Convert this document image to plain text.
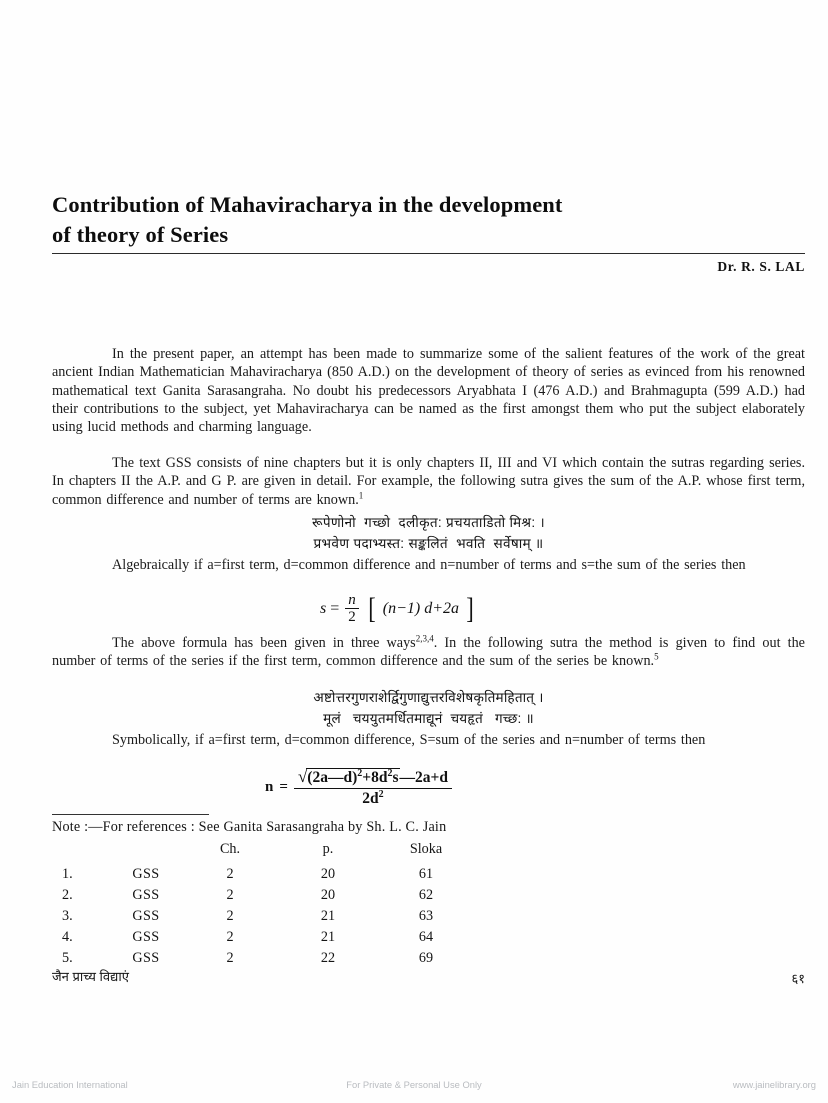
Contribution of Mahaviracharya in the development
of theory of Series
Dr. R. S. LAL
In the present paper, an attempt has been made to summarize some of the salient features of the work of the great ancient Indian Mathematician Mahaviracharya (850 A.D.) on the development of theory of series as evinced from his renowned mathematical text Ganita Sarasangraha. No doubt his predecessors Aryabhata I (476 A.D.) and Brahmagupta (599 A.D.) had their contributions to the subject, yet Mahaviracharya can be named as the first amongst them who put the subject elaborately using lucid methods and charming language.
The text GSS consists of nine chapters but it is only chapters II, III and VI which contain the sutras regarding series. In chapters II the A.P. and G P. are given in detail. For example, the following sutra gives the sum of the A.P. whose first term, common difference and number of terms are known.$^1$
रूपेणोनो  गच्छो  दलीकृत: प्रचयताडितो मिश्र: ।
प्रभवेण पदाभ्यस्त: सङ्कलितं  भवति  सर्वेषाम् ॥
Algebraically if a=first term, d=common difference and n=number of terms and s=the sum of the series then
$s = \frac{n}{2}$ [ (n−1) d+2a ]
The above formula has been given in three ways$^{2,3,4}$. In the following sutra the method is given to find out the number of terms of the series if the first term, common difference and the sum of the series be known.$^5$
अष्टोत्तरगुणराशेर्द्विगुणाद्युत्तरविशेषकृतिमहितात् ।
मूलं   चययुतमर्धितमाद्यूनं  चयहृतं   गच्छ: ॥
Symbolically, if a=first term, d=common difference, S=sum of the series and n=number of terms then
$n = \frac{√(2a—d)^2+8d^2s—2a+d}{2d^2}$
Note :—For references : See Ganita Sarasangraha by Sh. L. C. Jain
		Ch.	p.	Sloka
1.	GSS	2	20	61
2.	GSS	2	20	62
3.	GSS	2	21	63
4.	GSS	2	21	64
5.	GSS	2	22	69
जैन प्राच्य विद्याएं	६१
Jain Education International	For Private & Personal Use Only	www.jainelibrary.org
